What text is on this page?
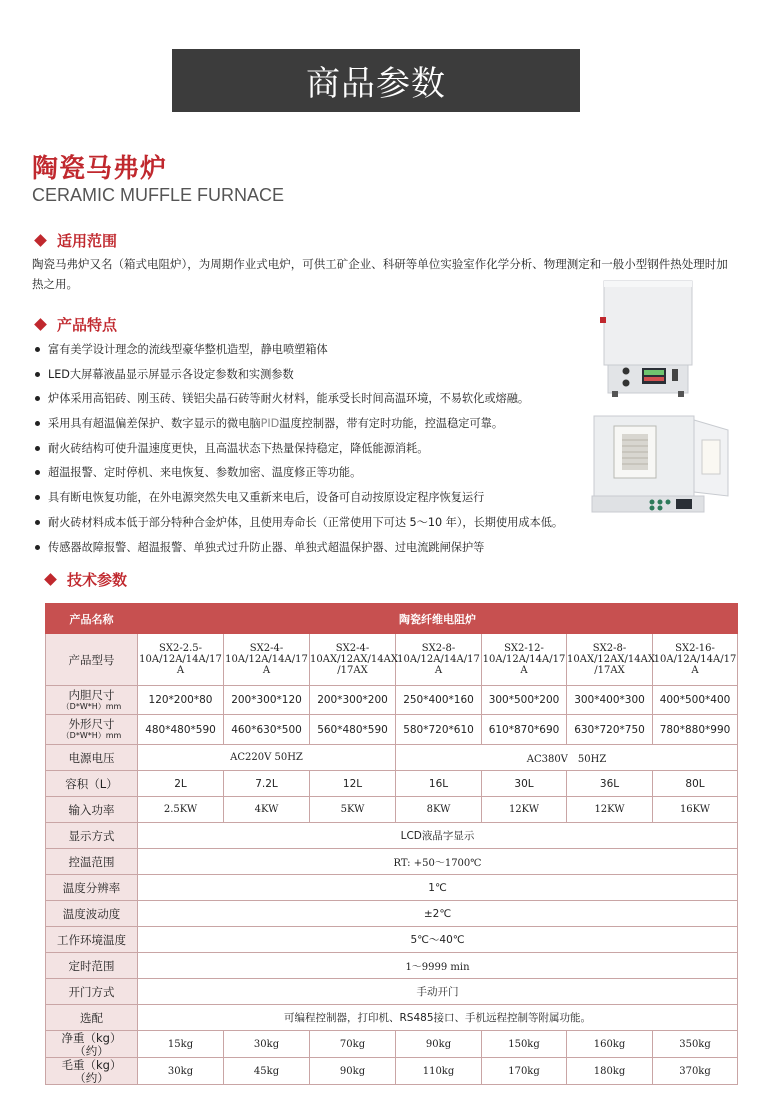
商品参数
陶瓷马弗炉
CERAMIC MUFFLE FURNACE
适用范围
陶瓷马弗炉又名（箱式电阻炉），为周期作业式电炉，可供工矿企业、科研等单位实验室作化学分析、物理测定和一般小型钢件热处理时加热之用。
产品特点
富有美学设计理念的流线型豪华整机造型，静电喷塑箱体
LED大屏幕液晶显示屏显示各设定参数和实测参数
炉体采用高铝砖、刚玉砖、镁铝尖晶石砖等耐火材料，能承受长时间高温环境，不易软化或熔融。
采用具有超温偏差保护、数字显示的微电脑 PID 温度控制器，带有定时功能，控温稳定可靠。
耐火砖结构可使升温速度更快，且高温状态下热量保持稳定，降低能源消耗。
超温报警、定时停机、来电恢复、参数加密、温度修正等功能。
具有断电恢复功能，在外电源突然失电又重新来电后，设备可自动按原设定程序恢复运行
耐火砖材料成本低于部分特种合金炉体，且使用寿命长（正常使用下可达 5～10 年），长期使用成本低。
传感器故障报警、超温报警、单独式过升防止器、单独式超温保护器、过电流跳闸保护等
技术参数
产品名称	陶瓷纤维电阻炉						
产品型号	SX2-2.5-
10A/12A/14A/17
A	SX2-4-
10A/12A/14A/17
A	SX2-4-
10AX/12AX/14AX
/17AX	SX2-8-
10A/12A/14A/17
A	SX2-12-
10A/12A/14A/17
A	SX2-8-
10AX/12AX/14AX
/17AX	SX2-16-
10A/12A/14A/17
A

内胆尺寸
（D*W*H）mm	120*200*80	200*300*120	200*300*200	250*400*160	300*500*200	300*400*300	400*500*400

外形尺寸
（D*W*H）mm	480*480*590	460*630*500	560*480*590	580*720*610	610*870*690	630*720*750	780*880*990
电源电压	AC220V 50HZ			AC380V　50HZ			
容积（L）	2L	7.2L	12L	16L	30L	36L	80L
输入功率	2.5KW	4KW	5KW	8KW	12KW	12KW	16KW
显示方式	LCD液晶字显示						
控温范围	RT: +50～1700℃						
温度分辨率	1℃						
温度波动度	±2℃						
工作环境温度	5℃～40℃						
定时范围	1～9999 min						
开门方式	手动开门						
选配	可编程控制器，打印机、RS485接口、手机远程控制等附属功能。						

净重（kg）
（约）	15kg	30kg	70kg	90kg	150kg	160kg	350kg

毛重（kg）
（约）	30kg	45kg	90kg	110kg	170kg	180kg	370kg
